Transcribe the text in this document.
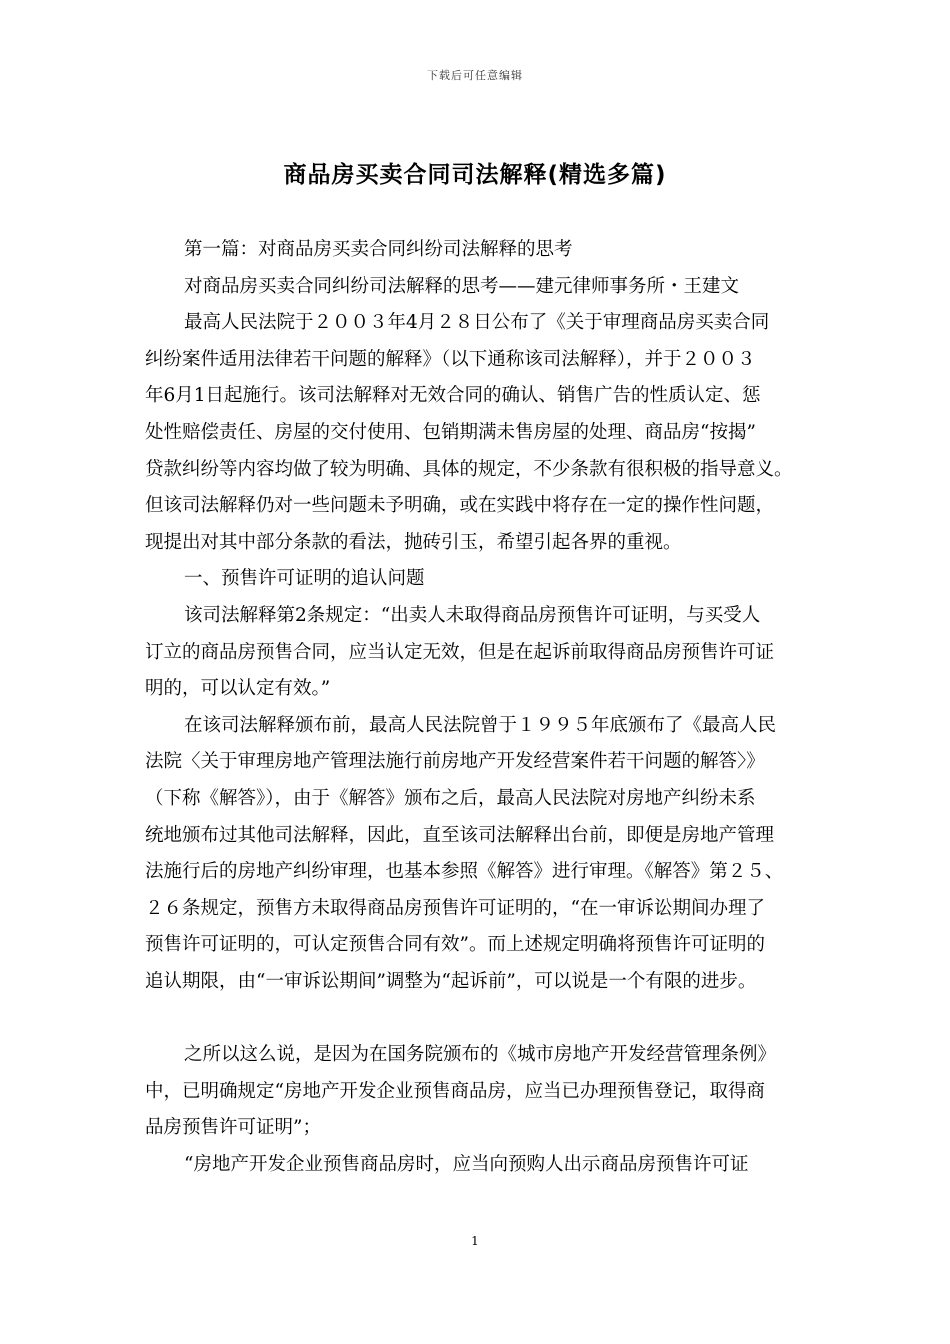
下载后可任意编辑
商品房买卖合同司法解释(精选多篇)

第一篇：对商品房买卖合同纠纷司法解释的思考

对商品房买卖合同纠纷司法解释的思考——建元律师事务所・王建文

最高人民法院于２００３年4月２８日公布了《关于审理商品房买卖合同

纠纷案件适用法律若干问题的解释》（以下通称该司法解释），并于２００３

年6月1日起施行。该司法解释对无效合同的确认、销售广告的性质认定、惩

处性赔偿责任、房屋的交付使用、包销期满未售房屋的处理、商品房“按揭”

贷款纠纷等内容均做了较为明确、具体的规定，不少条款有很积极的指导意义。

但该司法解释仍对一些问题未予明确，或在实践中将存在一定的操作性问题，

现提出对其中部分条款的看法，抛砖引玉，希望引起各界的重视。

一、预售许可证明的追认问题

该司法解释第2条规定：“出卖人未取得商品房预售许可证明，与买受人

订立的商品房预售合同，应当认定无效，但是在起诉前取得商品房预售许可证

明的，可以认定有效。”

在该司法解释颁布前，最高人民法院曾于１９９５年底颁布了《最高人民

法院〈关于审理房地产管理法施行前房地产开发经营案件若干问题的解答〉》

（下称《解答》），由于《解答》颁布之后，最高人民法院对房地产纠纷未系

统地颁布过其他司法解释，因此，直至该司法解释出台前，即便是房地产管理

法施行后的房地产纠纷审理，也基本参照《解答》进行审理。《解答》第２５、

２６条规定，预售方未取得商品房预售许可证明的，“在一审诉讼期间办理了

预售许可证明的，可认定预售合同有效”。而上述规定明确将预售许可证明的

追认期限，由“一审诉讼期间”调整为“起诉前”，可以说是一个有限的进步。

之所以这么说，是因为在国务院颁布的《城市房地产开发经营管理条例》

中，已明确规定“房地产开发企业预售商品房，应当已办理预售登记，取得商

品房预售许可证明”；

“房地产开发企业预售商品房时，应当向预购人出示商品房预售许可证

1
